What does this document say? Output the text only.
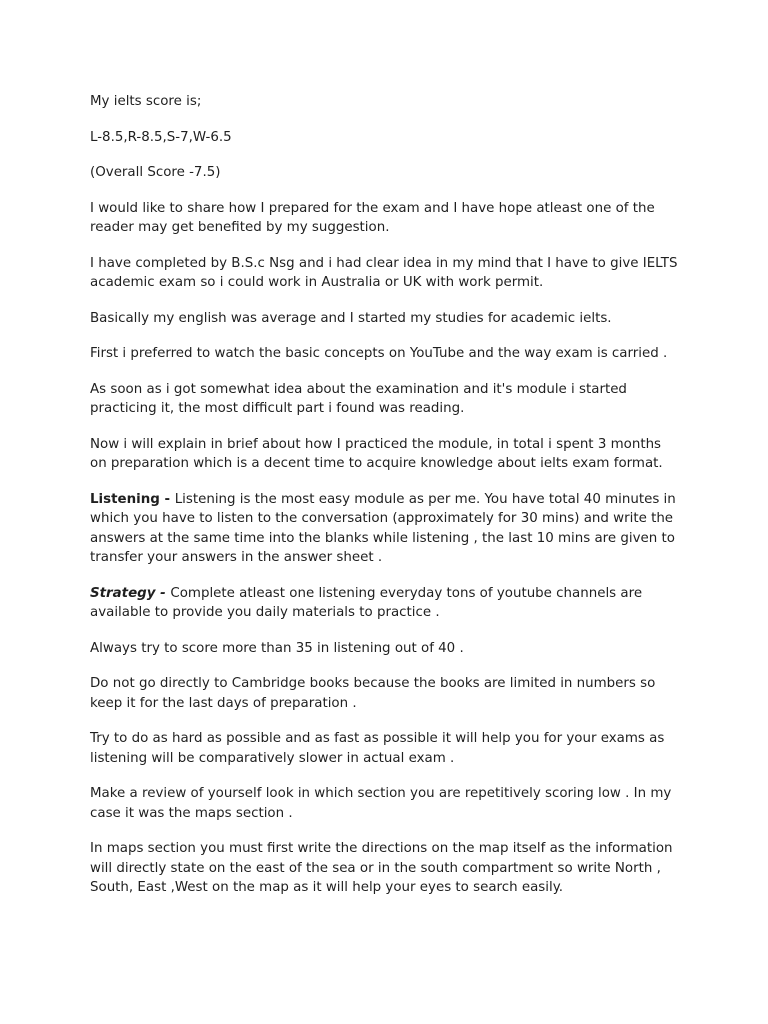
My ielts score is;

L-8.5,R-8.5,S-7,W-6.5

(Overall Score -7.5)

I would like to share how I prepared for the exam and I have hope atleast one of the reader may get benefited by my suggestion.

I have completed by B.S.c Nsg and i had clear idea in my mind that I have to give IELTS academic exam so i could work in Australia or UK with work permit.

Basically my english was average and I started my studies for academic ielts.

First i preferred to watch the basic concepts on YouTube and the way exam is carried .

As soon as i got somewhat idea about the examination and it's module i started practicing it, the most difficult part i found was reading.

Now i will explain in brief about how I practiced the module, in total i spent 3 months on preparation which is a decent time to acquire knowledge about ielts exam format.

Listening - Listening is the most easy module as per me. You have total 40 minutes in which you have to listen to the conversation (approximately for 30 mins) and write the answers at the same time into the blanks while listening , the last 10 mins are given to transfer your answers in the answer sheet .

Strategy - Complete atleast one listening everyday tons of youtube channels are available to provide you daily materials to practice .

Always try to score more than 35 in listening out of 40 .

Do not go directly to Cambridge books because the books are limited in numbers so keep it for the last days of preparation .

Try to do as hard as possible and as fast as possible it will help you for your exams as listening will be comparatively slower in actual exam .

Make a review of yourself look in which section you are repetitively scoring low . In my case it was the maps section .

In maps section you must first write the directions on the map itself as the information will directly state on the east of the sea or in the south compartment so write North , South, East ,West on the map as it will help your eyes to search easily.
